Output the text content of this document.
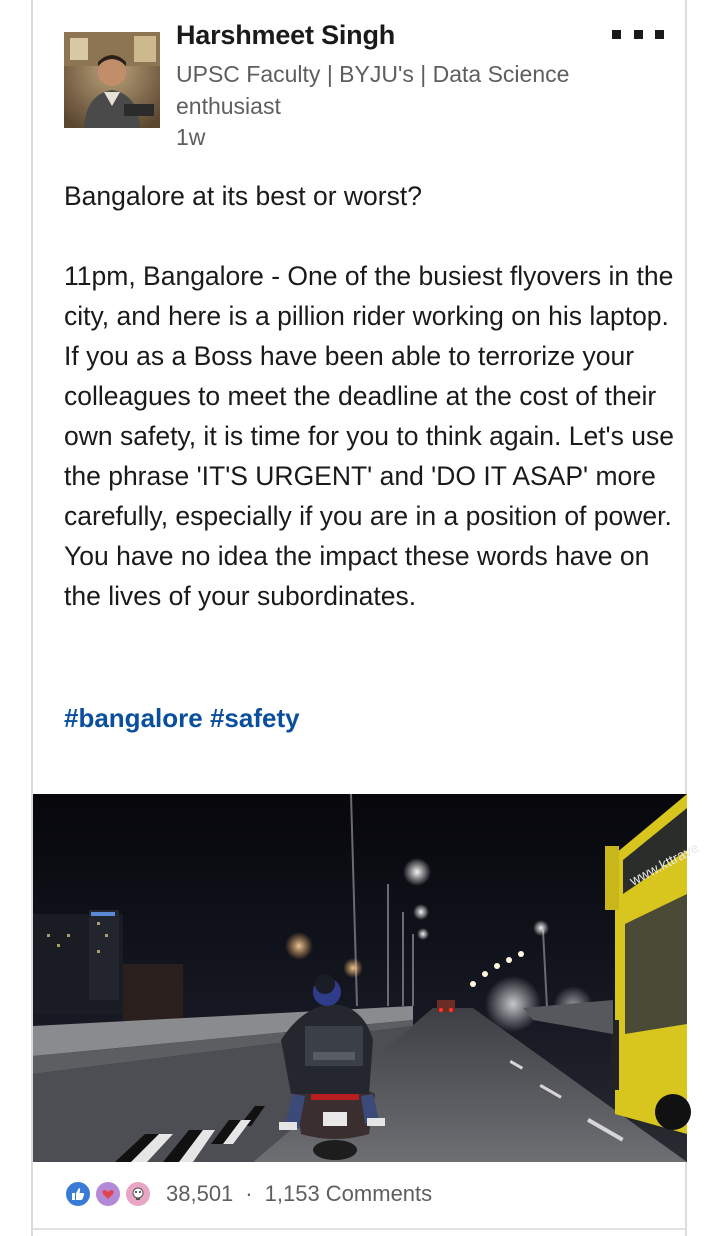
Harshmeet Singh
UPSC Faculty | BYJU's | Data Science enthusiast
1w

Bangalore at its best or worst?

11pm, Bangalore - One of the busiest flyovers in the city, and here is a pillion rider working on his laptop. If you as a Boss have been able to terrorize your colleagues to meet the deadline at the cost of their own safety, it is time for you to think again. Let's use the phrase 'IT'S URGENT' and 'DO IT ASAP' more carefully, especially if you are in a position of power. You have no idea the impact these words have on the lives of your subordinates.

#bangalore #safety
www.kttrave
38,501 · 1,153 Comments
